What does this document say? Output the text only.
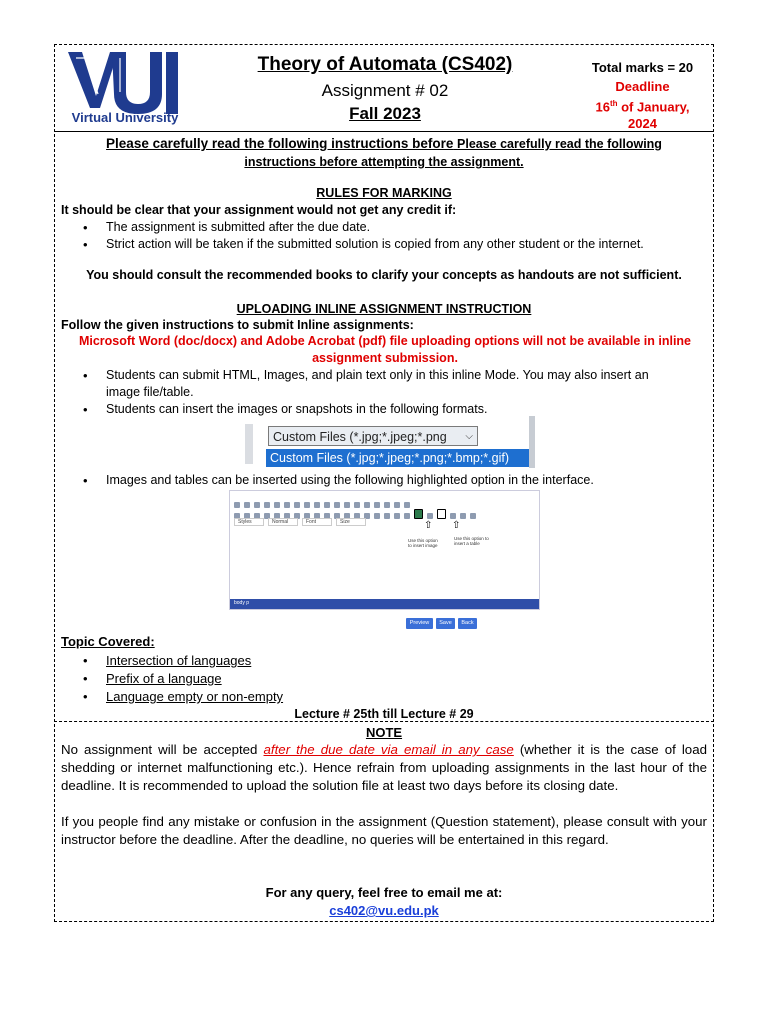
Virtual University
Theory of Automata (CS402)
Assignment # 02
Fall 2023
Total marks = 20
Deadline
16th of January,
2024
Please carefully read the following instructions before Please carefully read the following
instructions before attempting the assignment.
RULES FOR MARKING
It should be clear that your assignment would not get any credit if:
• The assignment is submitted after the due date.
• Strict action will be taken if the submitted solution is copied from any other student or the internet.
You should consult the recommended books to clarify your concepts as handouts are not sufficient.
UPLOADING INLINE ASSIGNMENT INSTRUCTION
Follow the given instructions to submit Inline assignments:
Microsoft Word (doc/docx) and Adobe Acrobat (pdf) file uploading options will not be available in inline assignment submission.
• Students can submit HTML, Images, and plain text only in this inline Mode. You may also insert an image file/table.
• Students can insert the images or snapshots in the following formats.
Custom Files (*.jpg;*.jpeg;*.png ⌵
Custom Files (*.jpg;*.jpeg;*.png;*.bmp;*.gif)
• Images and tables can be inserted using the following highlighted option in the interface.
Styles	Normal	Font	Size	⇧ ⇧
Use this option to insert image
Use this option to insert a table
body p
Preview	Save	Back
Topic Covered:
• Intersection of languages
• Prefix of a language
• Language empty or non-empty
Lecture # 25th till Lecture # 29
NOTE
No assignment will be accepted after the due date via email in any case (whether it is the case of load shedding or internet malfunctioning etc.). Hence refrain from uploading assignments in the last hour of the deadline. It is recommended to upload the solution file at least two days before its closing date.
If you people find any mistake or confusion in the assignment (Question statement), please consult with your instructor before the deadline. After the deadline, no queries will be entertained in this regard.
For any query, feel free to email me at:
cs402@vu.edu.pk
